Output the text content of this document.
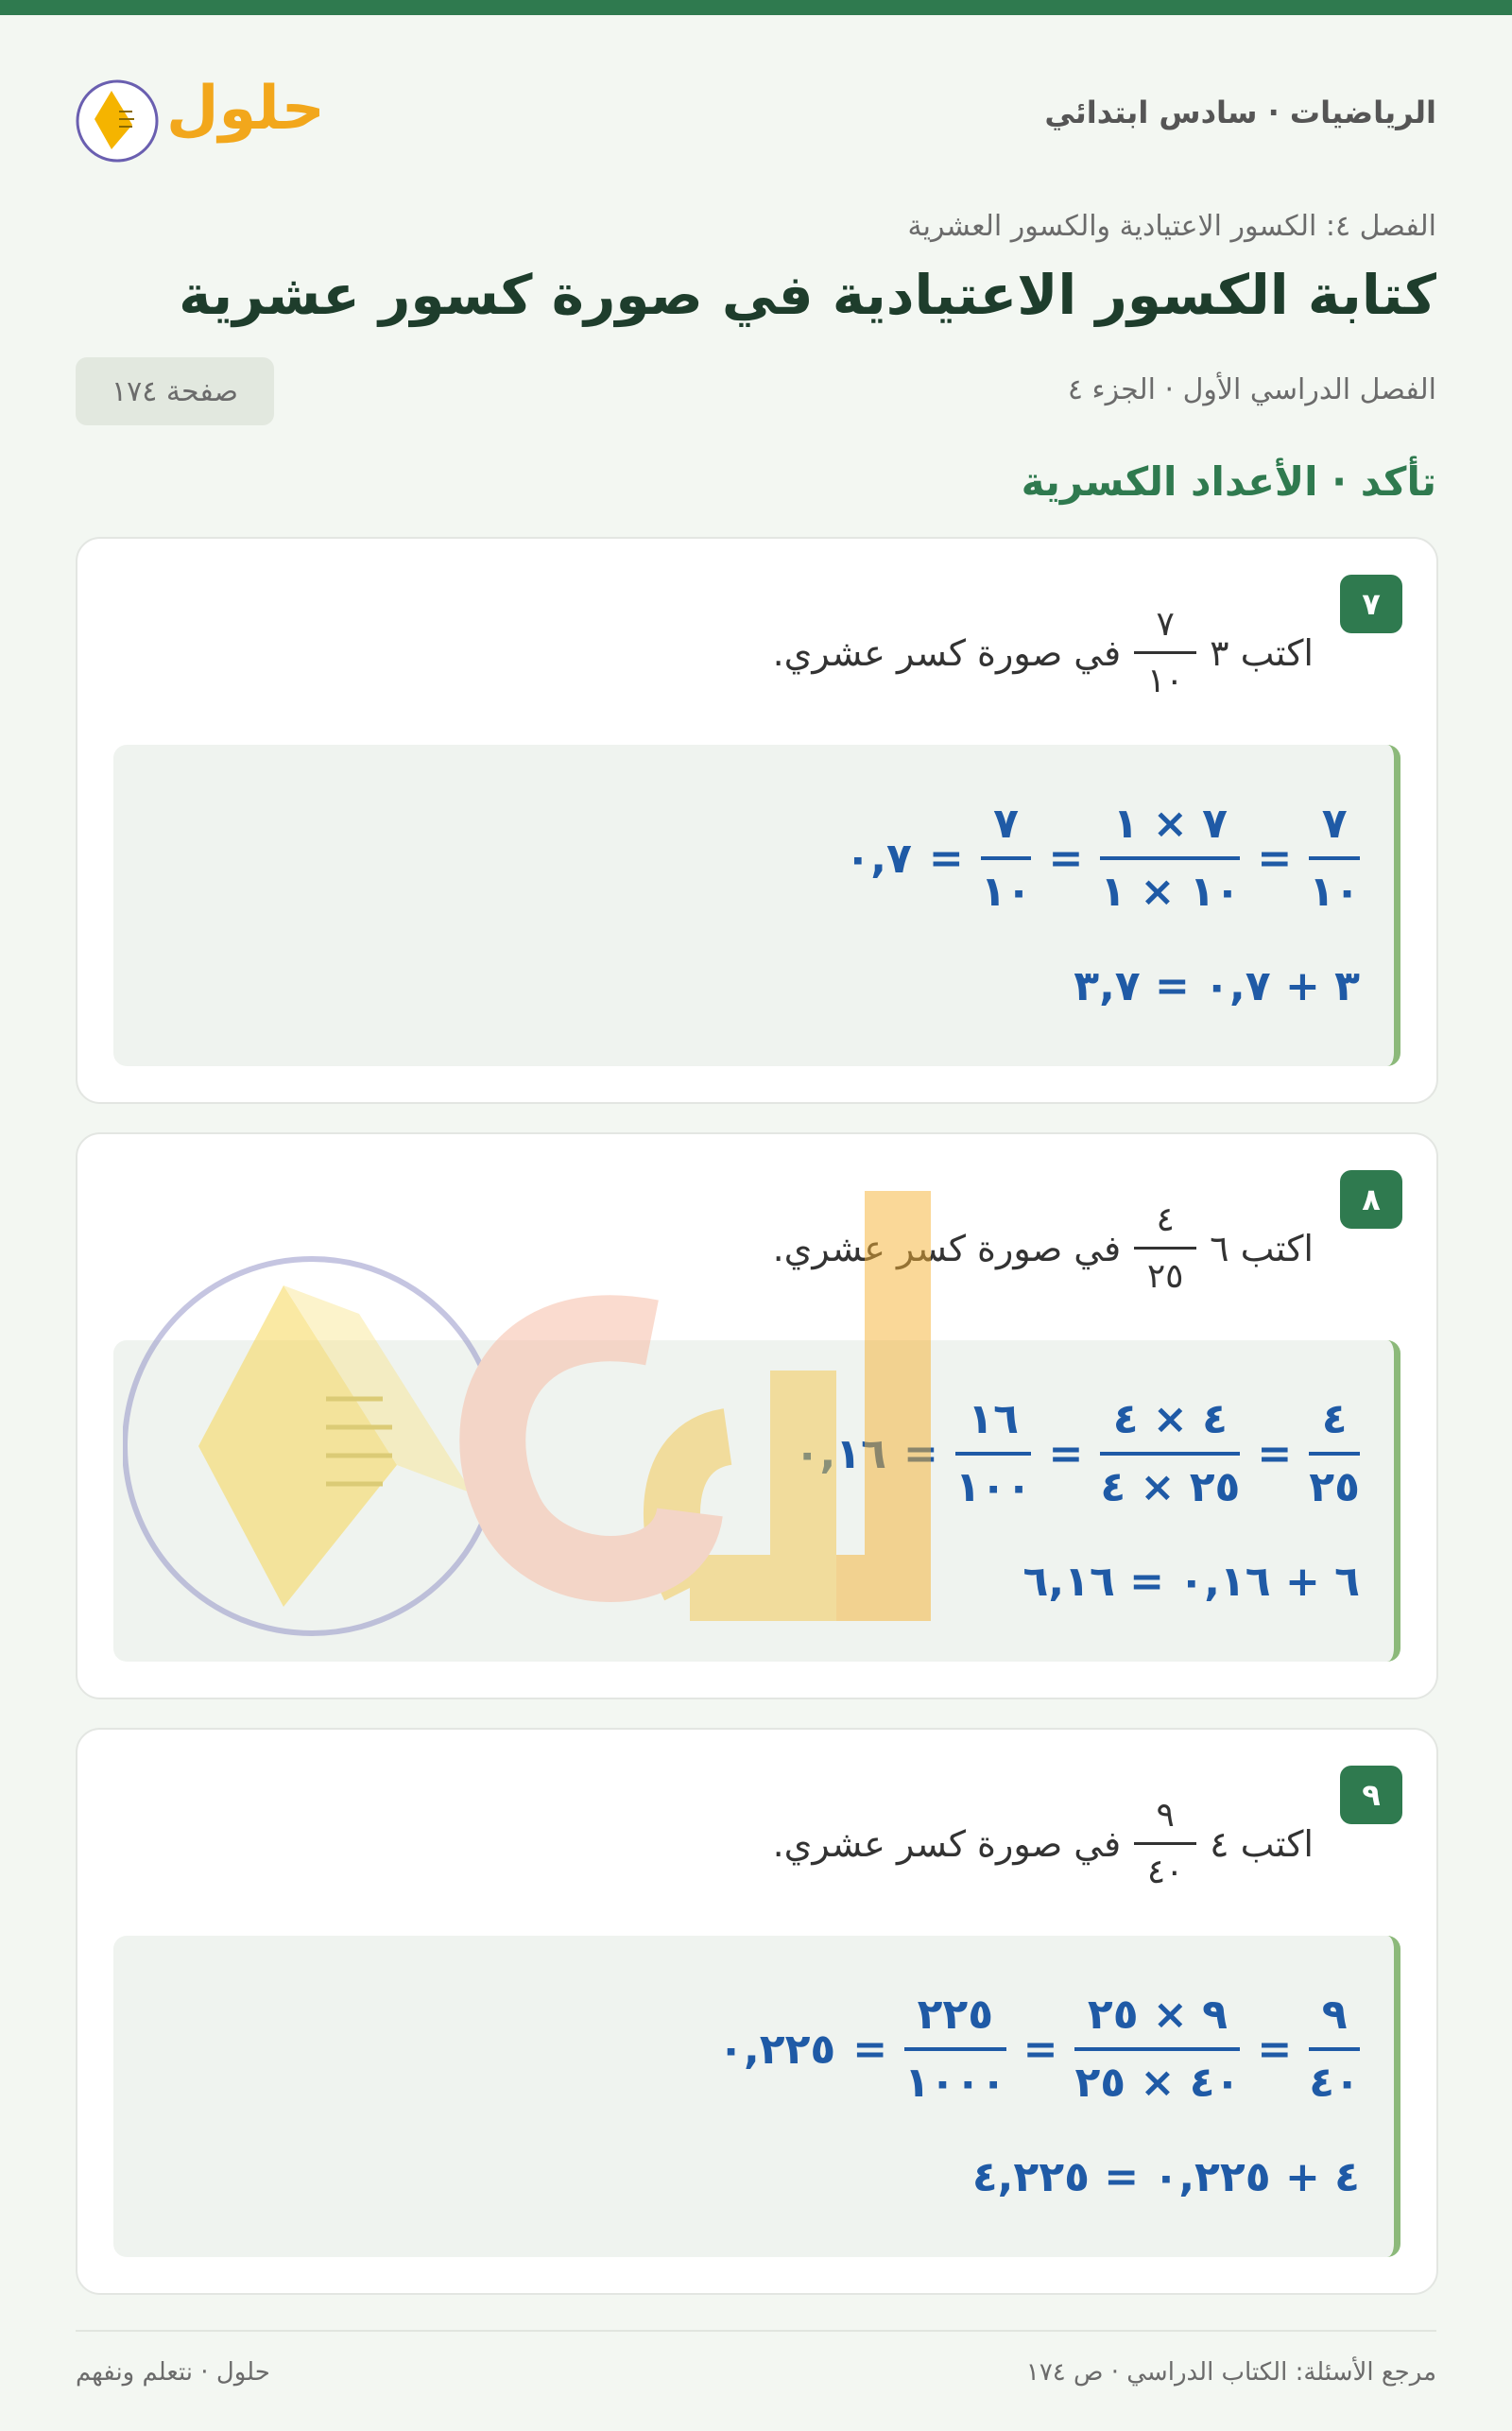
الرياضيات · سادس ابتدائي
حلول
الفصل ٤: الكسور الاعتيادية والكسور العشرية
كتابة الكسور الاعتيادية في صورة كسور عشرية
الفصل الدراسي الأول · الجزء ٤
صفحة ١٧٤
تأكد · الأعداد الكسرية
٧
اكتب
٣
$\frac{٧}{١٠}$
في صورة كسر عشري.
٧
١٠
=
٧ × ١
١٠ × ١
=
٧
١٠
=
٠,٧
٣ + ٠,٧ = ٣,٧
٨
اكتب
٦
$\frac{٤}{٢٥}$
في صورة كسر عشري.
٤
٢٥
=
٤ × ٤
٢٥ × ٤
=
١٦
١٠٠
=
٠,١٦
٦ + ٠,١٦ = ٦,١٦
٩
اكتب
٤
$\frac{٩}{٤٠}$
في صورة كسر عشري.
٩
٤٠
=
٩ × ٢٥
٤٠ × ٢٥
=
٢٢٥
١٠٠٠
=
٠,٢٢٥
٤ + ٠,٢٢٥ = ٤,٢٢٥
مرجع الأسئلة: الكتاب الدراسي · ص ١٧٤
حلول · نتعلم ونفهم
